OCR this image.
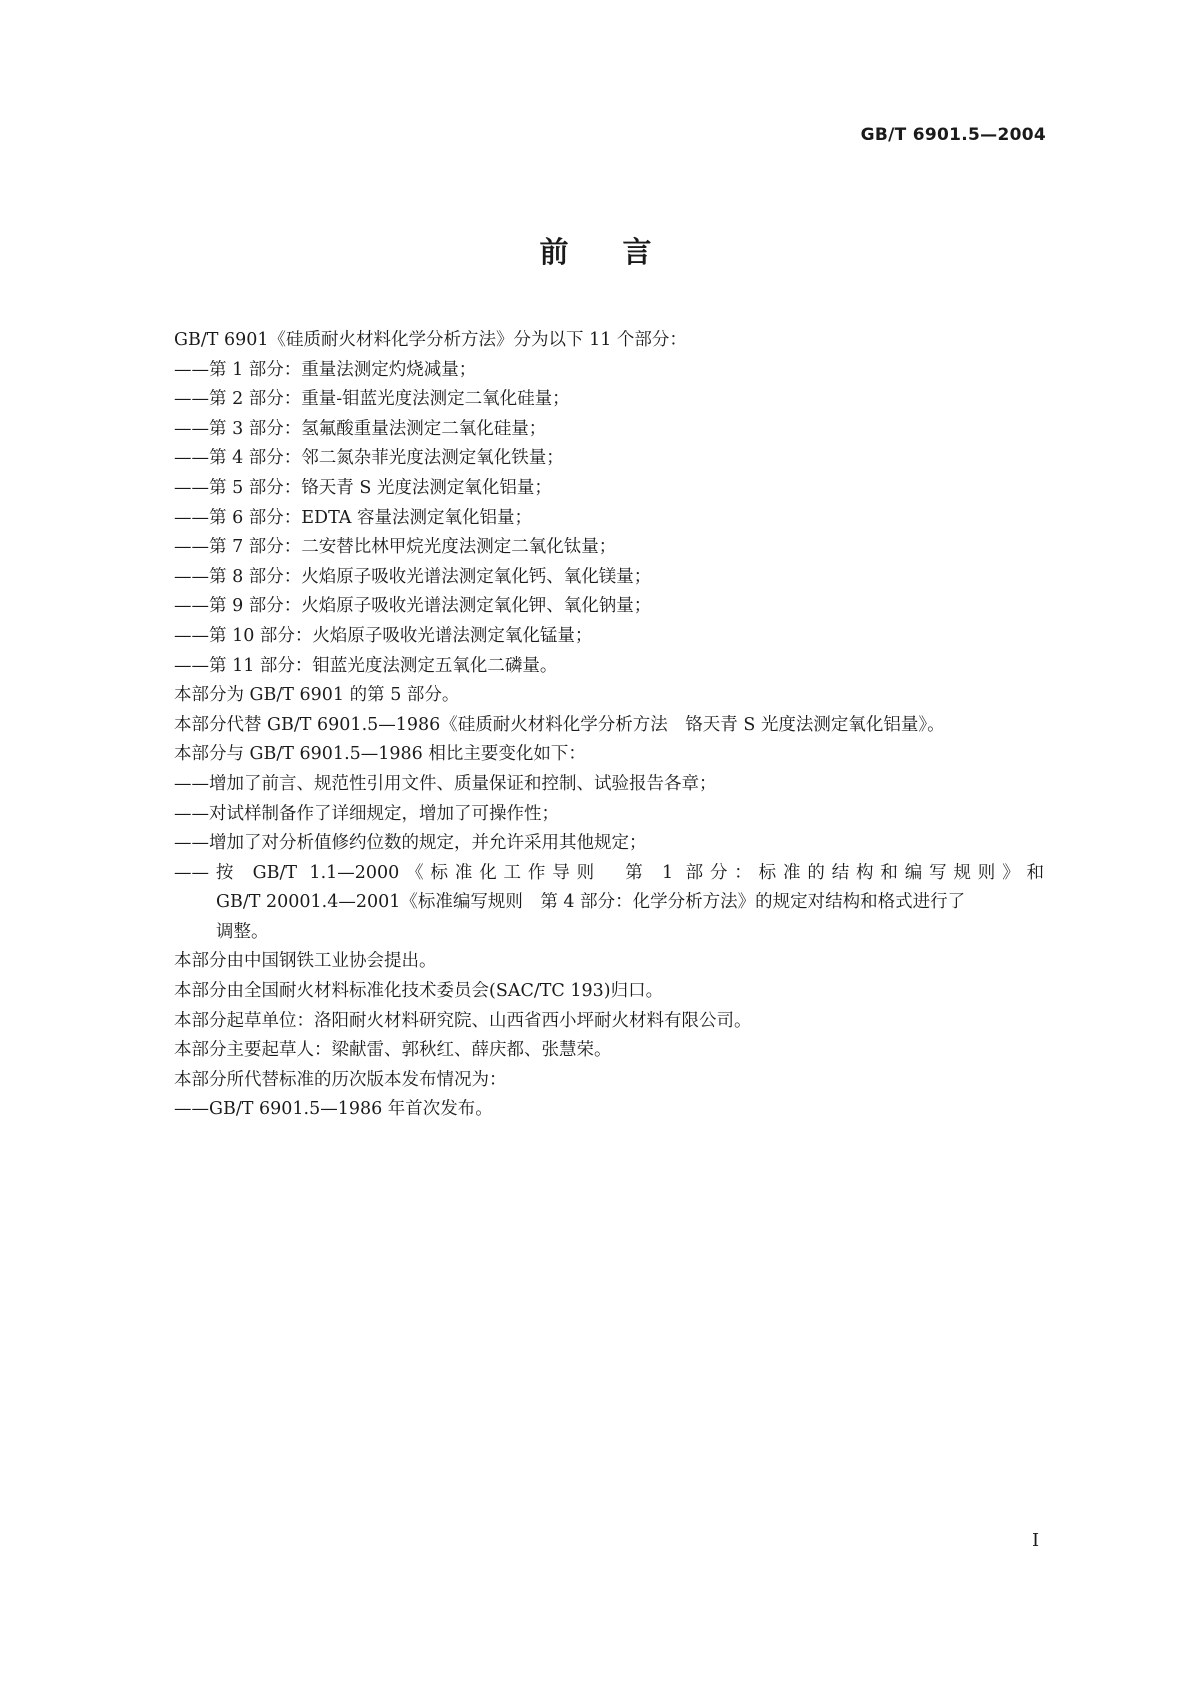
GB/T 6901.5—2004
前 言
GB/T 6901《硅质耐火材料化学分析方法》分为以下 11 个部分：
——第 1 部分：重量法测定灼烧减量；
——第 2 部分：重量-钼蓝光度法测定二氧化硅量；
——第 3 部分：氢氟酸重量法测定二氧化硅量；
——第 4 部分：邻二氮杂菲光度法测定氧化铁量；
——第 5 部分：铬天青 S 光度法测定氧化铝量；
——第 6 部分：EDTA 容量法测定氧化铝量；
——第 7 部分：二安替比林甲烷光度法测定二氧化钛量；
——第 8 部分：火焰原子吸收光谱法测定氧化钙、氧化镁量；
——第 9 部分：火焰原子吸收光谱法测定氧化钾、氧化钠量；
——第 10 部分：火焰原子吸收光谱法测定氧化锰量；
——第 11 部分：钼蓝光度法测定五氧化二磷量。
本部分为 GB/T 6901 的第 5 部分。
本部分代替 GB/T 6901.5—1986《硅质耐火材料化学分析方法　铬天青 S 光度法测定氧化铝量》。
本部分与 GB/T 6901.5—1986 相比主要变化如下：
——增加了前言、规范性引用文件、质量保证和控制、试验报告各章；
——对试样制备作了详细规定，增加了可操作性；
——增加了对分析值修约位数的规定，并允许采用其他规定；
——按 GB/T 1.1—2000《标准化工作导则　第 1 部分：标准的结构和编写规则》和
GB/T 20001.4—2001《标准编写规则　第 4 部分：化学分析方法》的规定对结构和格式进行了
调整。
本部分由中国钢铁工业协会提出。
本部分由全国耐火材料标准化技术委员会(SAC/TC 193)归口。
本部分起草单位：洛阳耐火材料研究院、山西省西小坪耐火材料有限公司。
本部分主要起草人：梁献雷、郭秋红、薛庆都、张慧荣。
本部分所代替标准的历次版本发布情况为：
——GB/T 6901.5—1986 年首次发布。
I
